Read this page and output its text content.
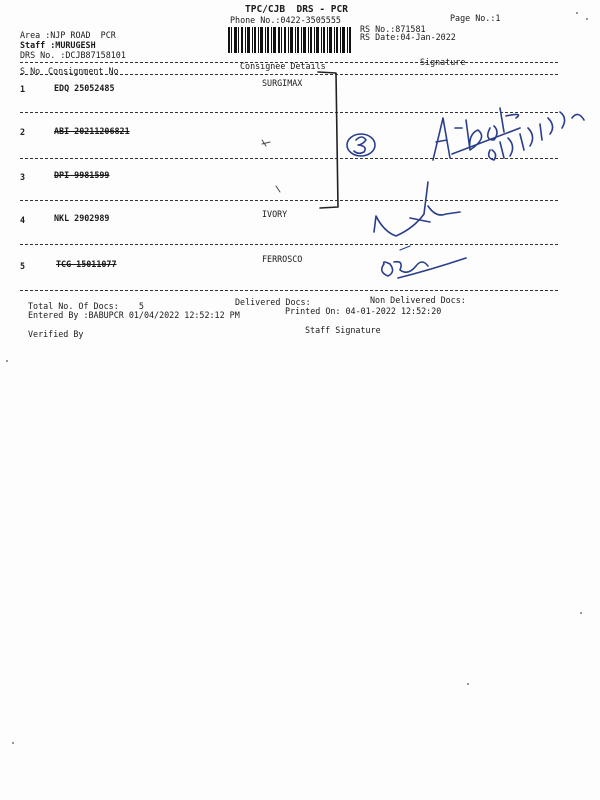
TPC/CJB  DRS - PCR
Phone No.:0422-3505555	Page No.:1
Area :NJP ROAD  PCR
Staff :MURUGESH
DRS No. :DCJB87158101
RS No.:871581
RS Date:04-Jan-2022
S No Consignment No	Consignee Details	Signature
1	EDQ 25052485	SURGIMAX
2	ABI 20211206821
3	DPI 9981599
4	NKL 2902989	IVORY
5	TCG 15011077	FERROSCO
Total No. Of Docs:    5	Delivered Docs:	Non Delivered Docs:
Entered By :BABUPCR 01/04/2022 12:52:12 PM	Printed On: 04-01-2022 12:52:20
Verified By	Staff Signature
